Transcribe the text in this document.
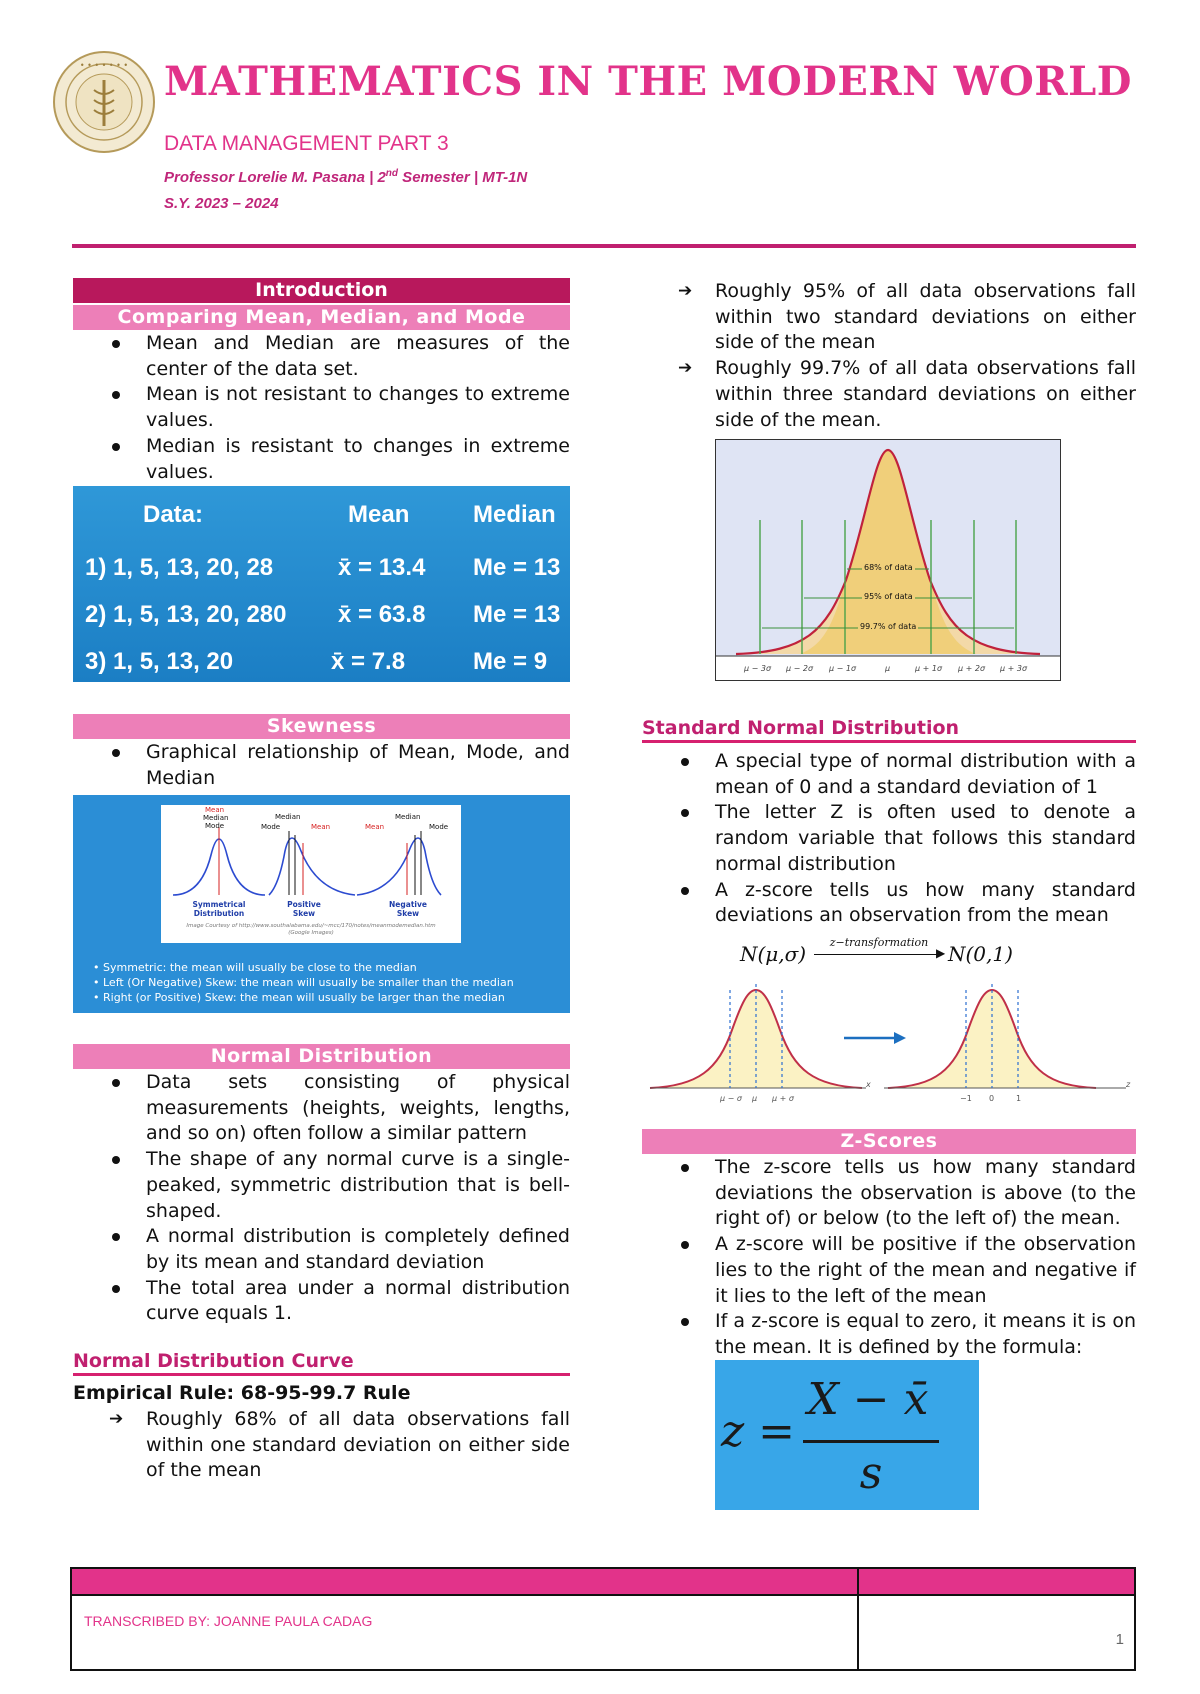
• • • • • • • MATHEMATICS IN THE MODERN WORLD
DATA MANAGEMENT PART 3
Professor Lorelie M. Pasana | 2nd Semester | MT-1N
S.Y. 2023 – 2024
Introduction
Comparing Mean, Median, and Mode
Mean and Median are measures of the center of the data set.
Mean is not resistant to changes to extreme values.
Median is resistant to changes in extreme values.
Data:	Mean	Median
1) 1, 5, 13, 20, 28	x̄ = 13.4 Me = 13
2) 1, 5, 13, 20, 280 x̄ = 63.8 Me = 13
3) 1, 5, 13, 20	x̄ = 7.8	Me = 9
Skewness
Graphical relationship of Mean, Mode, and Median
Mean
Median
Mode
Median
Mode	Mean	Mean
Median
Mode
Symmetrical Distribution
Positive Skew
Negative Skew
Image Courtesy of http://www.southalabama.edu/~mcc/170/notes/meanmodemedian.htm (Google Images)
• Symmetric: the mean will usually be close to the median
• Left (Or Negative) Skew: the mean will usually be smaller than the median
• Right (or Positive) Skew: the mean will usually be larger than the median
Normal Distribution
Data sets consisting of physical measurements (heights, weights, lengths, and so on) often follow a similar pattern
The shape of any normal curve is a single-peaked, symmetric distribution that is bell-shaped.
A normal distribution is completely defined by its mean and standard deviation
The total area under a normal distribution curve equals 1.
Normal Distribution Curve
Empirical Rule: 68-95-99.7 Rule
➔ Roughly 68% of all data observations fall within one standard deviation on either side of the mean
➔ Roughly 95% of all data observations fall within two standard deviations on either side of the mean
➔ Roughly 99.7% of all data observations fall within three standard deviations on either side of the mean.
68% of data
95% of data
99.7% of data
μ − 3σ μ − 2σ μ − 1σ	μ	μ + 1σ μ + 2σ μ + 3σ
Standard Normal Distribution
A special type of normal distribution with a mean of 0 and a standard deviation of 1
The letter Z is often used to denote a random variable that follows this standard normal distribution
A z-score tells us how many standard deviations an observation from the mean
N(μ,σ)	z−transformation
▶ N(0,1)
μ − σ μ μ + σ
x
−1 0	1
z
Z-Scores
The z-score tells us how many standard deviations the observation is above (to the right of) or below (to the left of) the mean.
A z-score will be positive if the observation lies to the right of the mean and negative if it lies to the left of the mean
If a z-score is equal to zero, it means it is on the mean. It is defined by the formula:
z =
X − x̄
s
TRANSCRIBED BY: JOANNE PAULA CADAG
1
